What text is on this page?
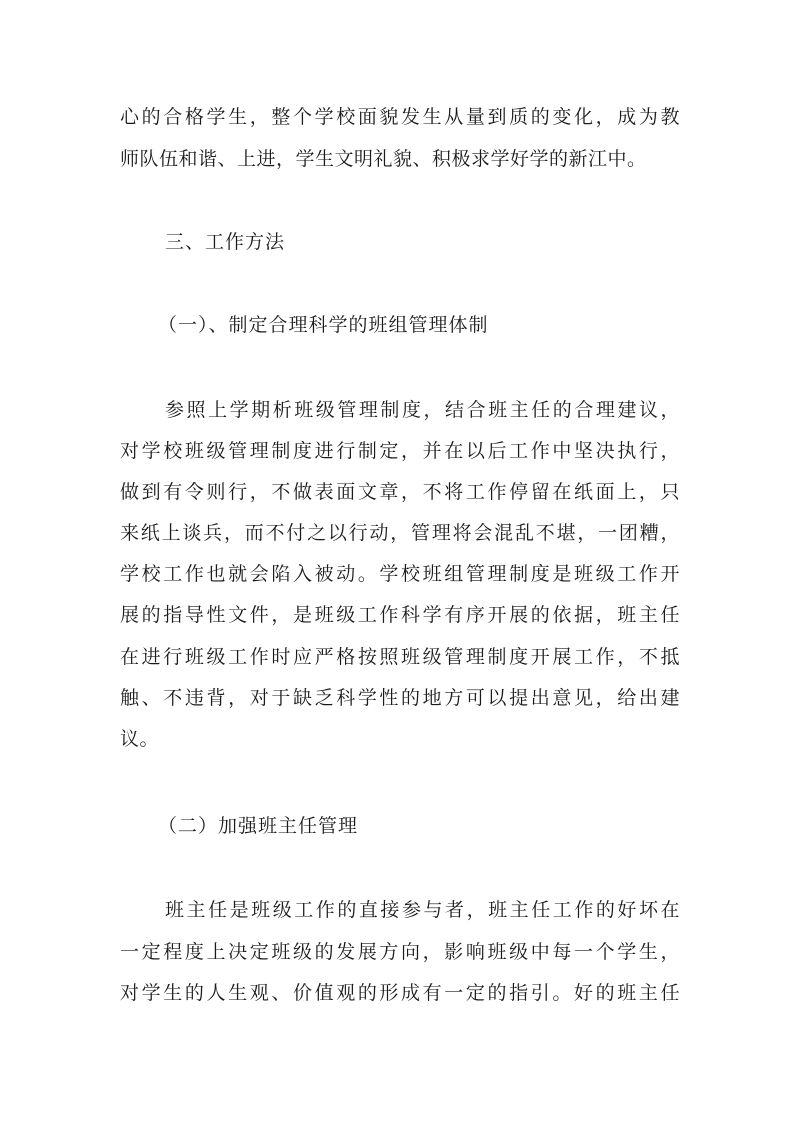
心的合格学生，整个学校面貌发生从量到质的变化，成为教
师队伍和谐、上进，学生文明礼貌、积极求学好学的新江中。
三、工作方法
（一）、制定合理科学的班组管理体制
参照上学期析班级管理制度，结合班主任的合理建议，
对学校班级管理制度进行制定，并在以后工作中坚决执行，
做到有令则行，不做表面文章，不将工作停留在纸面上，只
来纸上谈兵，而不付之以行动，管理将会混乱不堪，一团糟，
学校工作也就会陷入被动。学校班组管理制度是班级工作开
展的指导性文件，是班级工作科学有序开展的依据，班主任
在进行班级工作时应严格按照班级管理制度开展工作，不抵
触、不违背，对于缺乏科学性的地方可以提出意见，给出建
议。
（二）加强班主任管理
班主任是班级工作的直接参与者，班主任工作的好坏在
一定程度上决定班级的发展方向，影响班级中每一个学生，
对学生的人生观、价值观的形成有一定的指引。好的班主任
